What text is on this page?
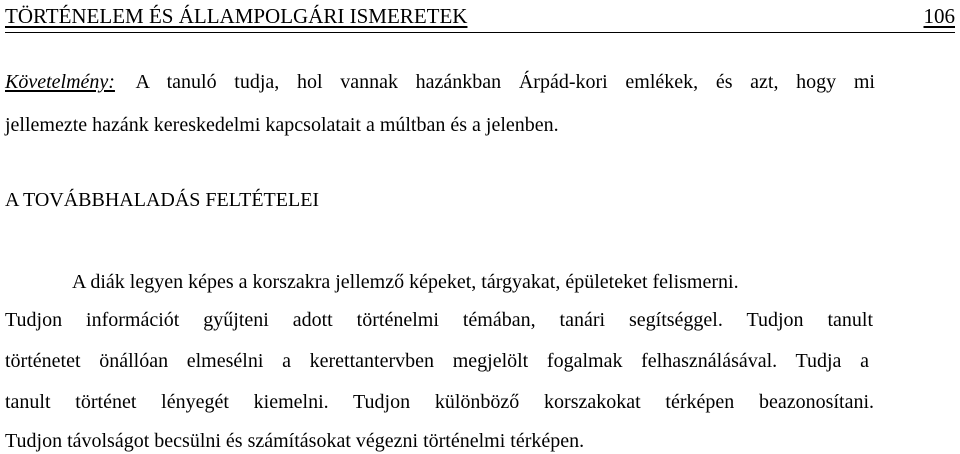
TÖRTÉNELEM ÉS ÁLLAMPOLGÁRI ISMERETEK	106
Követelmény: A tanuló tudja, hol vannak hazánkban Árpád-kori emlékek, és azt, hogy mi
jellemezte hazánk kereskedelmi kapcsolatait a múltban és a jelenben.
A TOVÁBBHALADÁS FELTÉTELEI
A diák legyen képes a korszakra jellemző képeket, tárgyakat, épületeket felismerni.
Tudjon információt gyűjteni adott történelmi témában, tanári segítséggel. Tudjon tanult
történetet önállóan elmesélni a kerettantervben megjelölt fogalmak felhasználásával. Tudja a
tanult történet lényegét kiemelni. Tudjon különböző korszakokat térképen beazonosítani.
Tudjon távolságot becsülni és számításokat végezni történelmi térképen.
